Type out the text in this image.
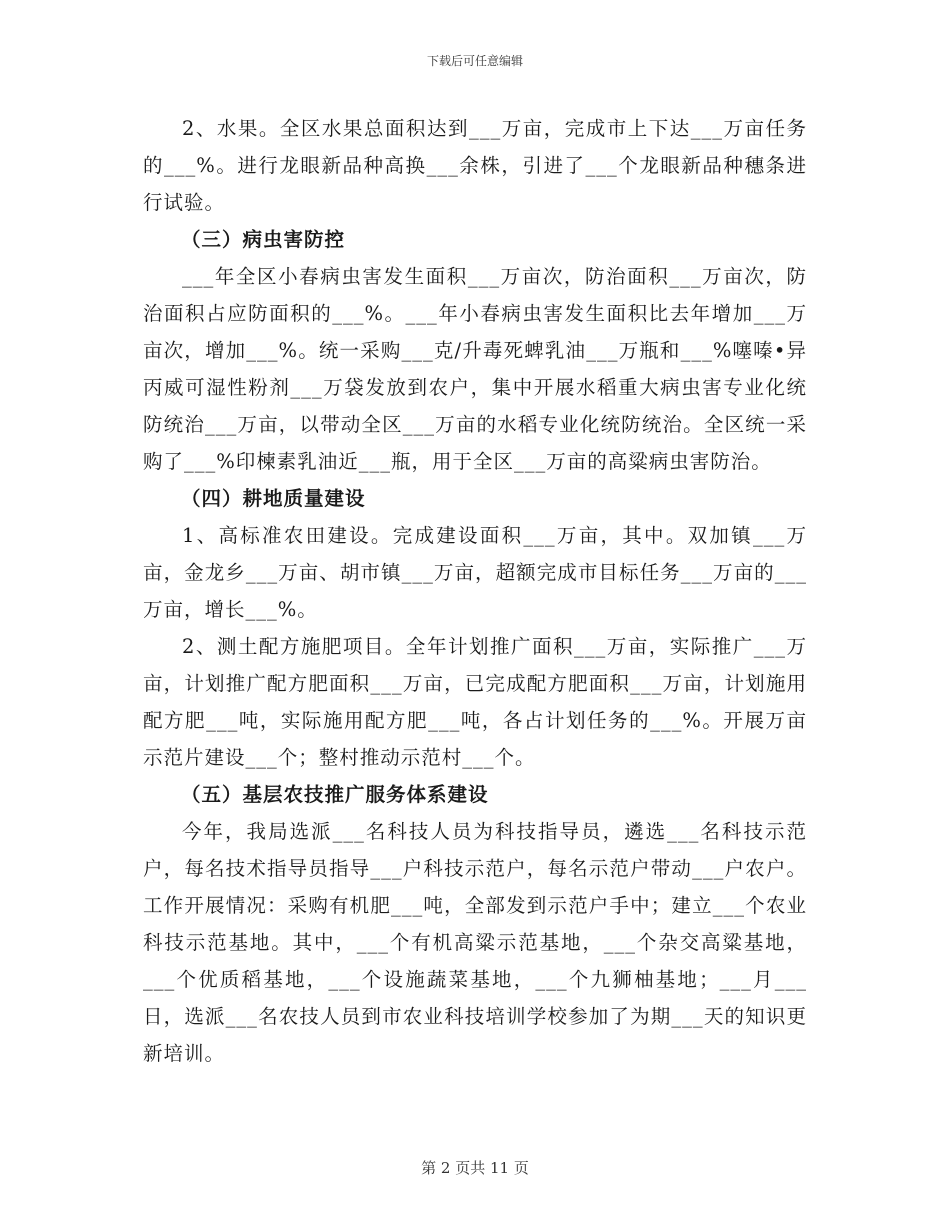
下载后可任意编辑

2、水果。全区水果总面积达到___万亩，完成市上下达___万亩任务的___%。进行龙眼新品种高换___余株，引进了___个龙眼新品种穗条进行试验。

（三）病虫害防控

___年全区小春病虫害发生面积___万亩次，防治面积___万亩次，防治面积占应防面积的___%。___年小春病虫害发生面积比去年增加___万亩次，增加___%。统一采购___克/升毒死蜱乳油___万瓶和___%噻嗪•异丙威可湿性粉剂___万袋发放到农户，集中开展水稻重大病虫害专业化统防统治___万亩，以带动全区___万亩的水稻专业化统防统治。全区统一采购了___%印楝素乳油近___瓶，用于全区___万亩的高粱病虫害防治。

（四）耕地质量建设

1、高标准农田建设。完成建设面积___万亩，其中。双加镇___万亩，金龙乡___万亩、胡市镇___万亩，超额完成市目标任务___万亩的___万亩，增长___%。

2、测土配方施肥项目。全年计划推广面积___万亩，实际推广___万亩，计划推广配方肥面积___万亩，已完成配方肥面积___万亩，计划施用配方肥___吨，实际施用配方肥___吨，各占计划任务的___%。开展万亩示范片建设___个；整村推动示范村___个。

（五）基层农技推广服务体系建设

今年，我局选派___名科技人员为科技指导员，遴选___名科技示范户，每名技术指导员指导___户科技示范户，每名示范户带动___户农户。工作开展情况：采购有机肥___吨，全部发到示范户手中；建立___个农业科技示范基地。其中，___个有机高粱示范基地，___个杂交高粱基地，___个优质稻基地，___个设施蔬菜基地，___个九狮柚基地；___月___日，选派___名农技人员到市农业科技培训学校参加了为期___天的知识更新培训。

第 2 页共 11 页
